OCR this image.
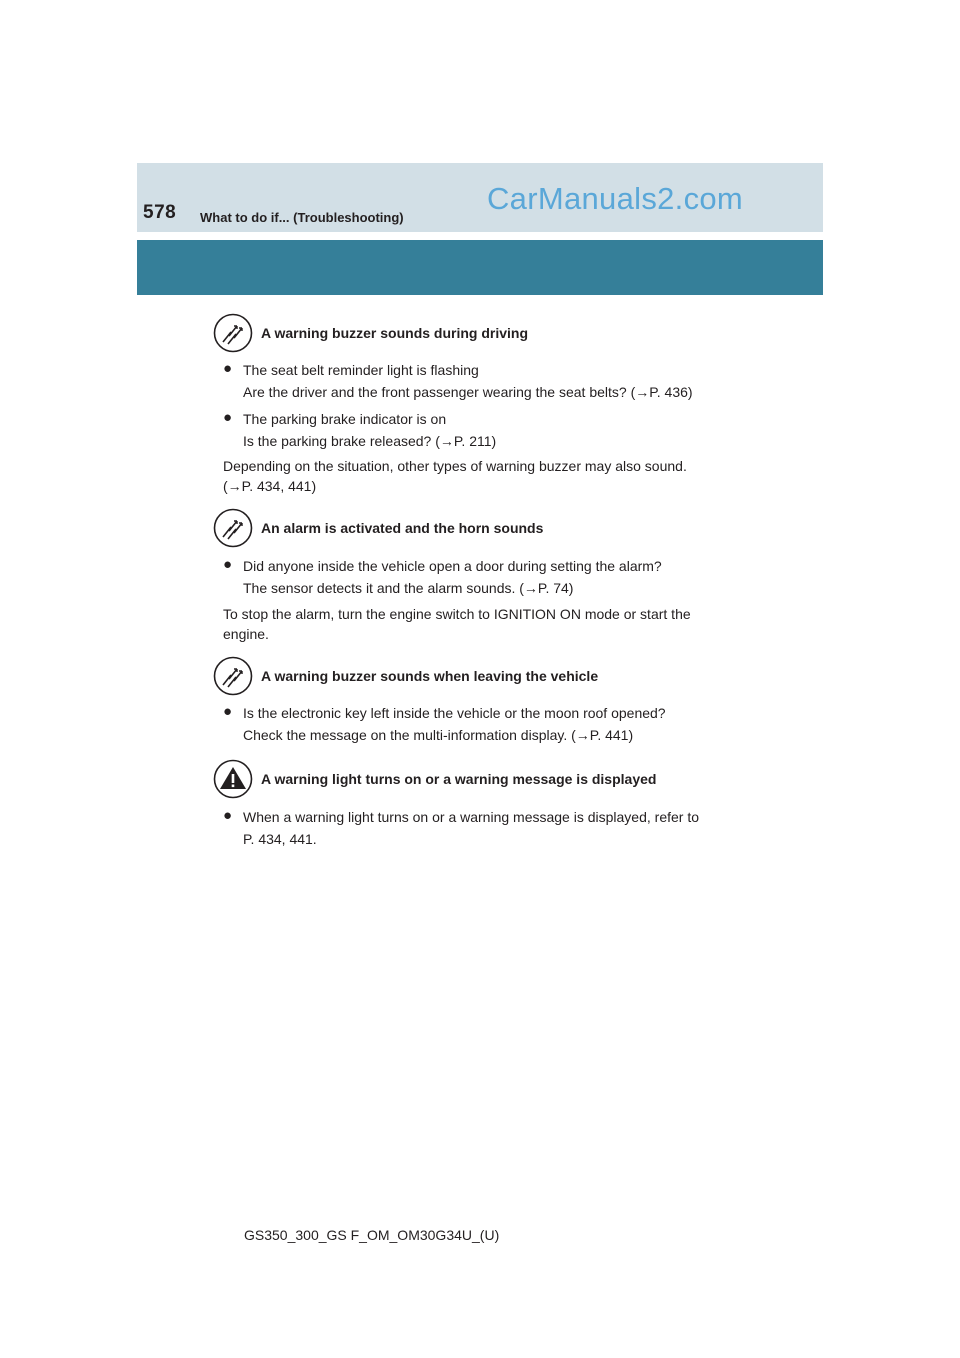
578 What to do if... (Troubleshooting)
CarManuals2.com
A warning buzzer sounds during driving
● The seat belt reminder light is flashing
Are the driver and the front passenger wearing the seat belts? (→P. 436)
● The parking brake indicator is on
Is the parking brake released? (→P. 211)
Depending on the situation, other types of warning buzzer may also sound.
(→P. 434, 441)
An alarm is activated and the horn sounds
● Did anyone inside the vehicle open a door during setting the alarm?
The sensor detects it and the alarm sounds. (→P. 74)
To stop the alarm, turn the engine switch to IGNITION ON mode or start the
engine.
A warning buzzer sounds when leaving the vehicle
● Is the electronic key left inside the vehicle or the moon roof opened?
Check the message on the multi-information display. (→P. 441)
A warning light turns on or a warning message is displayed
● When a warning light turns on or a warning message is displayed, refer to
P. 434, 441.
GS350_300_GS F_OM_OM30G34U_(U)
